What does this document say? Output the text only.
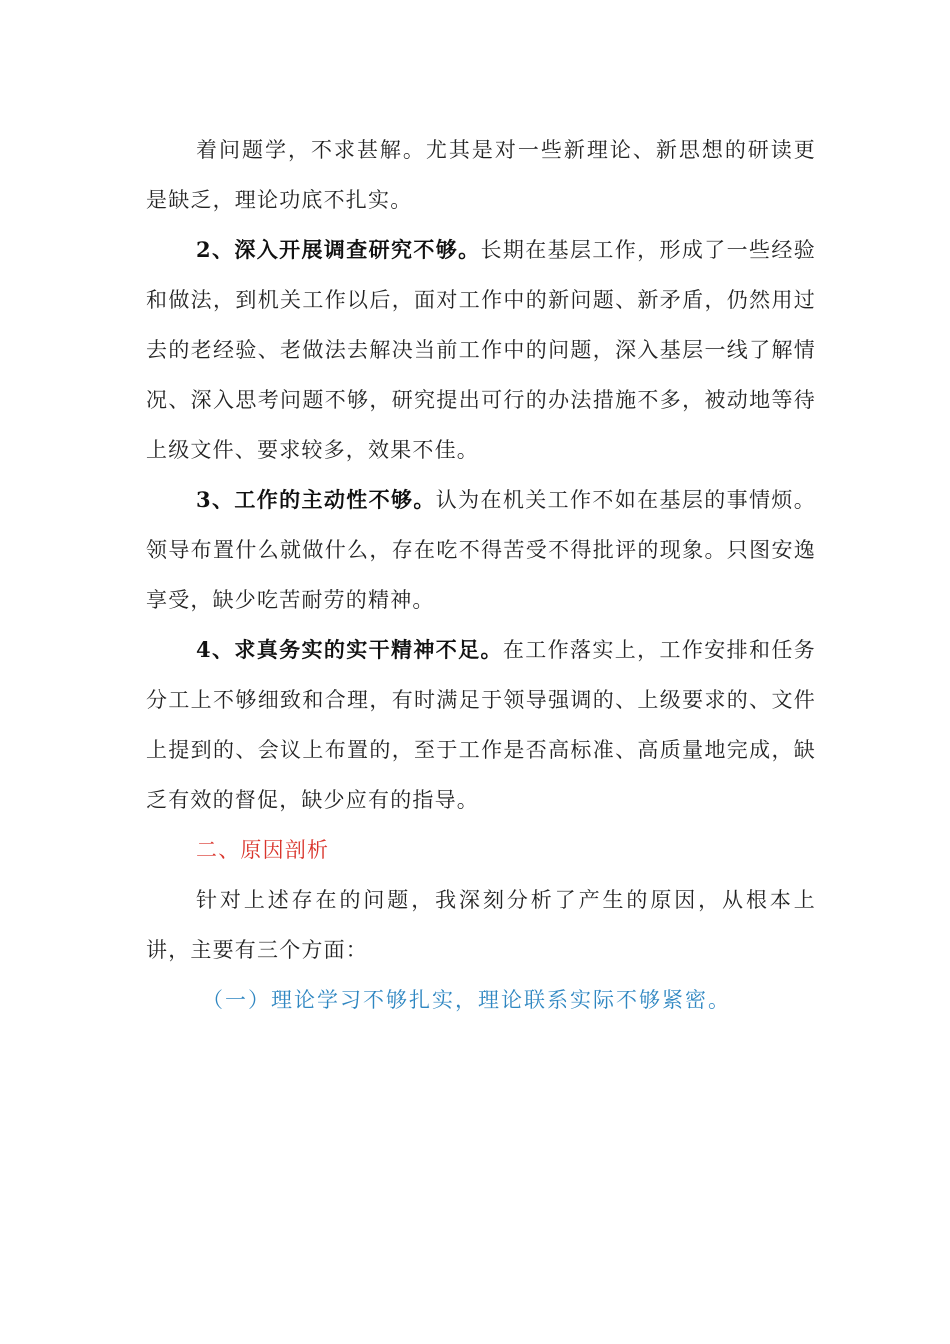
着问题学，不求甚解。尤其是对一些新理论、新思想的研读更是缺乏，理论功底不扎实。

2、深入开展调查研究不够。长期在基层工作，形成了一些经验和做法，到机关工作以后，面对工作中的新问题、新矛盾，仍然用过去的老经验、老做法去解决当前工作中的问题，深入基层一线了解情况、深入思考问题不够，研究提出可行的办法措施不多，被动地等待上级文件、要求较多，效果不佳。

3、工作的主动性不够。认为在机关工作不如在基层的事情烦。领导布置什么就做什么，存在吃不得苦受不得批评的现象。只图安逸享受，缺少吃苦耐劳的精神。

4、求真务实的实干精神不足。在工作落实上，工作安排和任务分工上不够细致和合理，有时满足于领导强调的、上级要求的、文件上提到的、会议上布置的，至于工作是否高标准、高质量地完成，缺乏有效的督促，缺少应有的指导。

二、原因剖析

针对上述存在的问题，我深刻分析了产生的原因，从根本上讲，主要有三个方面：

（一）理论学习不够扎实，理论联系实际不够紧密。
